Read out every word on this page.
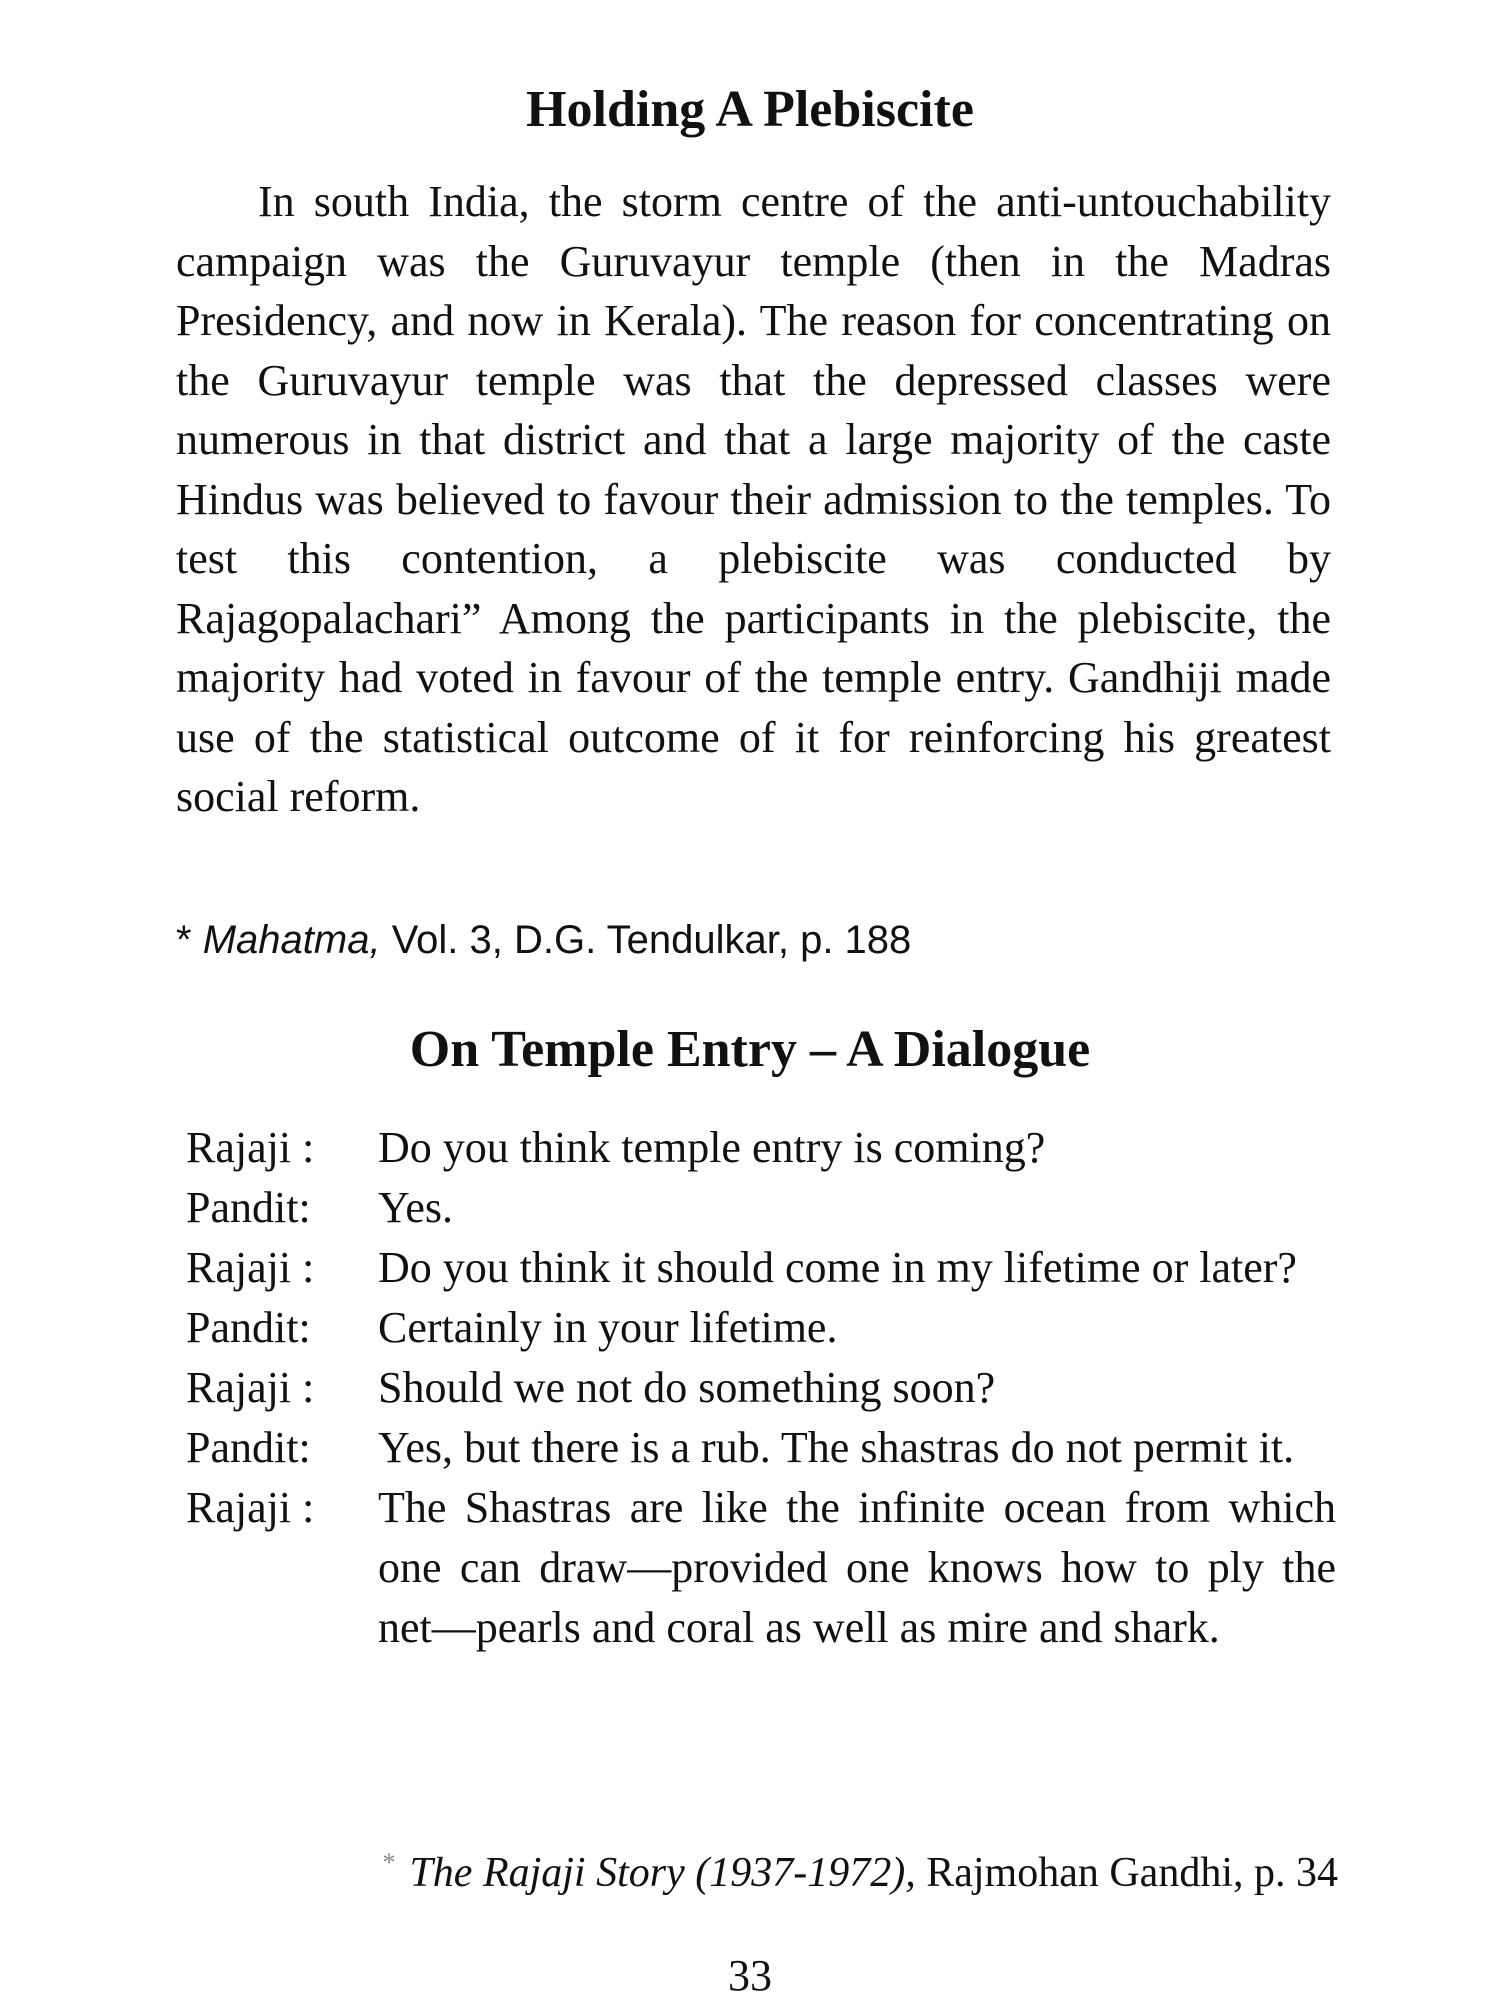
Holding A Plebiscite

In south India, the storm centre of the anti-untouchability campaign was the Guruvayur temple (then in the Madras Presidency, and now in Kerala). The reason for concentrating on the Guruvayur temple was that the depressed classes were numerous in that district and that a large majority of the caste Hindus was believed to favour their admission to the temples. To test this contention, a plebiscite was conducted by Rajagopalachari” Among the participants in the plebiscite, the majority had voted in favour of the temple entry. Gandhiji made use of the statistical outcome of it for reinforcing his greatest social reform.

* Mahatma, Vol. 3, D.G. Tendulkar, p. 188

On Temple Entry – A Dialogue
Rajaji :	Do you think temple entry is coming?
Pandit:	Yes.
Rajaji :	Do you think it should come in my lifetime or later?
Pandit:	Certainly in your lifetime.
Rajaji :	Should we not do something soon?
Pandit:	Yes, but there is a rub. The shastras do not permit it.
Rajaji :	The Shastras are like the infinite ocean from which one can draw—provided one knows how to ply the net—pearls and coral as well as mire and shark.

* The Rajaji Story (1937-1972), Rajmohan Gandhi, p. 34

33
